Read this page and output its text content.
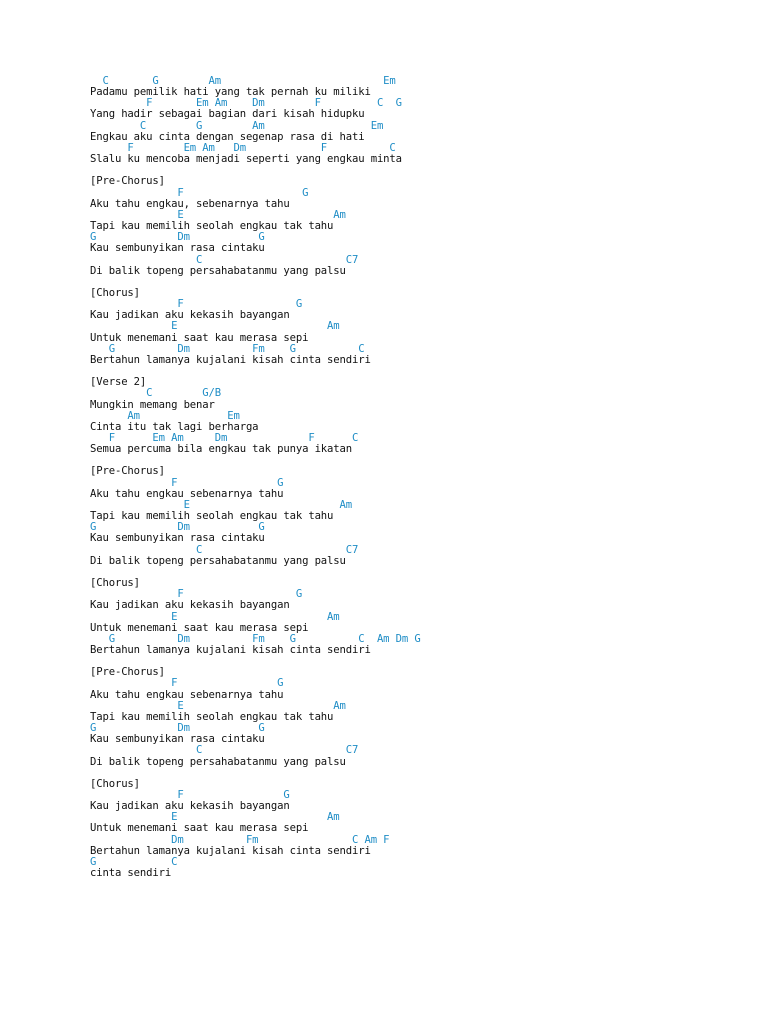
C       G        Am                          Em
Padamu pemilik hati yang tak pernah ku miliki
F       Em Am    Dm        F         C  G
Yang hadir sebagai bagian dari kisah hidupku
C        G        Am                 Em
Engkau aku cinta dengan segenap rasa di hati
F        Em Am   Dm            F          C
Slalu ku mencoba menjadi seperti yang engkau minta
[Pre-Chorus]
F                   G
Aku tahu engkau, sebenarnya tahu
E                        Am
Tapi kau memilih seolah engkau tak tahu
G             Dm           G
Kau sembunyikan rasa cintaku
C                       C7
Di balik topeng persahabatanmu yang palsu
[Chorus]
F                  G
Kau jadikan aku kekasih bayangan
E                        Am
Untuk menemani saat kau merasa sepi
G          Dm          Fm    G          C
Bertahun lamanya kujalani kisah cinta sendiri
[Verse 2]
C        G/B
Mungkin memang benar
Am              Em
Cinta itu tak lagi berharga
F      Em Am     Dm             F      C
Semua percuma bila engkau tak punya ikatan
[Pre-Chorus]
F                G
Aku tahu engkau sebenarnya tahu
E                        Am
Tapi kau memilih seolah engkau tak tahu
G             Dm           G
Kau sembunyikan rasa cintaku
C                       C7
Di balik topeng persahabatanmu yang palsu
[Chorus]
F                  G
Kau jadikan aku kekasih bayangan
E                        Am
Untuk menemani saat kau merasa sepi
G          Dm          Fm    G          C  Am Dm G
Bertahun lamanya kujalani kisah cinta sendiri
[Pre-Chorus]
F                G
Aku tahu engkau sebenarnya tahu
E                        Am
Tapi kau memilih seolah engkau tak tahu
G             Dm           G
Kau sembunyikan rasa cintaku
C                       C7
Di balik topeng persahabatanmu yang palsu
[Chorus]
F                G
Kau jadikan aku kekasih bayangan
E                        Am
Untuk menemani saat kau merasa sepi
Dm          Fm               C Am F
Bertahun lamanya kujalani kisah cinta sendiri
G            C
cinta sendiri
